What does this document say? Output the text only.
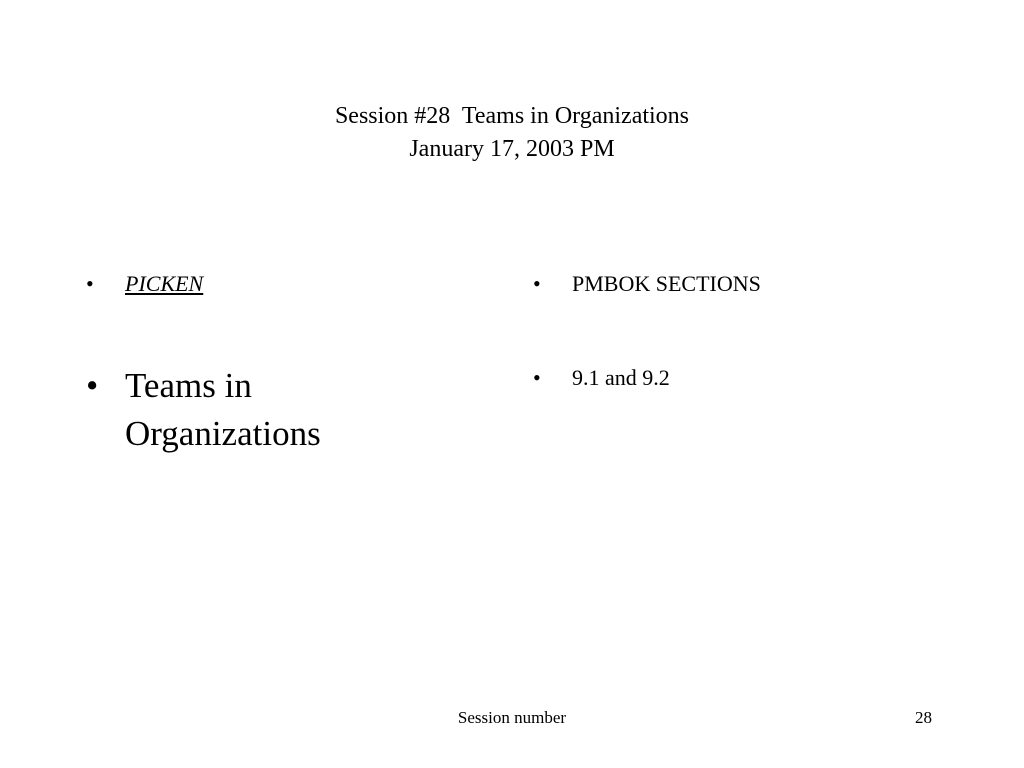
Session #28  Teams in Organizations
January 17, 2003 PM
•	PICKEN
• Teams in
Organizations
•	PMBOK SECTIONS
•	9.1 and 9.2
Session number	28
